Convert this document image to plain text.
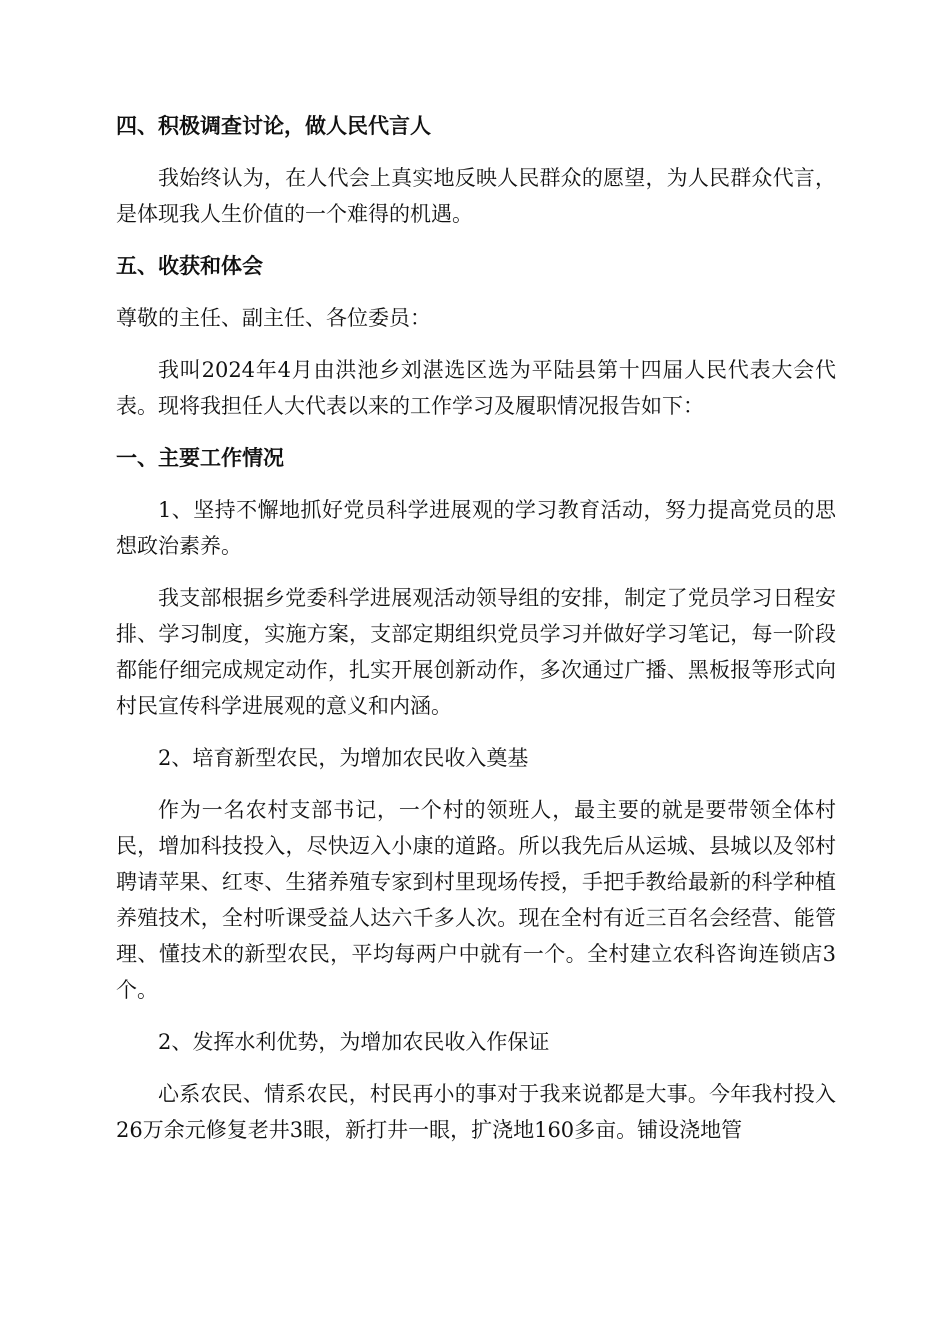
四、积极调查讨论，做人民代言人
我始终认为，在人代会上真实地反映人民群众的愿望，为人民群众代言，是体现我人生价值的一个难得的机遇。
五、收获和体会
尊敬的主任、副主任、各位委员：
我叫2024年4月由洪池乡刘湛选区选为平陆县第十四届人民代表大会代表。现将我担任人大代表以来的工作学习及履职情况报告如下：
一、主要工作情况
1、坚持不懈地抓好党员科学进展观的学习教育活动，努力提高党员的思想政治素养。
我支部根据乡党委科学进展观活动领导组的安排，制定了党员学习日程安排、学习制度，实施方案，支部定期组织党员学习并做好学习笔记，每一阶段都能仔细完成规定动作，扎实开展创新动作，多次通过广播、黑板报等形式向村民宣传科学进展观的意义和内涵。
2、培育新型农民，为增加农民收入奠基
作为一名农村支部书记，一个村的领班人，最主要的就是要带领全体村民，增加科技投入，尽快迈入小康的道路。所以我先后从运城、县城以及邻村聘请苹果、红枣、生猪养殖专家到村里现场传授，手把手教给最新的科学种植养殖技术，全村听课受益人达六千多人次。现在全村有近三百名会经营、能管理、懂技术的新型农民，平均每两户中就有一个。全村建立农科咨询连锁店3个。
2、发挥水利优势，为增加农民收入作保证
心系农民、情系农民，村民再小的事对于我来说都是大事。今年我村投入26万余元修复老井3眼，新打井一眼，扩浇地160多亩。铺设浇地管
